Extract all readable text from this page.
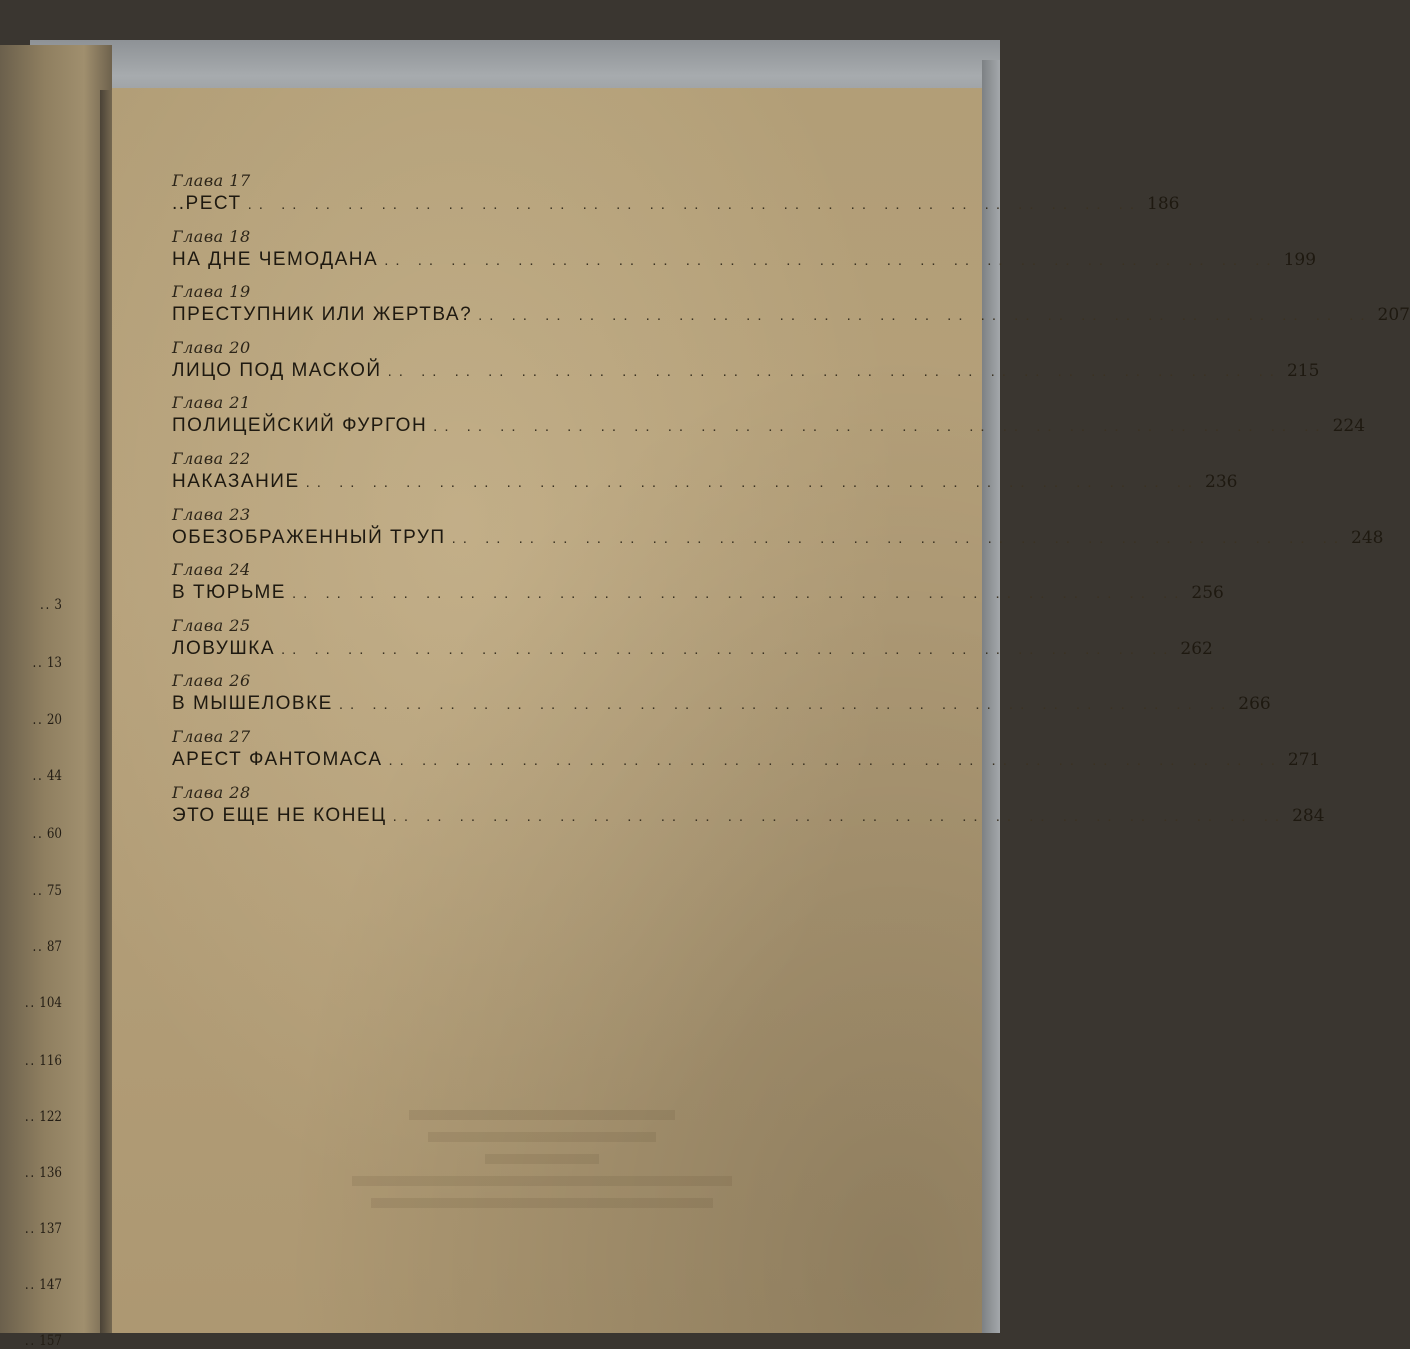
.. 3
.. 13
.. 20
.. 44
.. 60
.. 75
.. 87
.. 104
.. 116
.. 122
.. 136
.. 137
.. 147
.. 157
Глава 17
..РЕСТ .. .. .. .. .. .. .. .. .. .. .. .. .. .. .. .. .. .. .. .. .. .. .. .. .. .. .. 186
Глава 18
НА ДНЕ ЧЕМОДАНА .. .. .. .. .. .. .. .. .. .. .. .. .. .. .. .. .. .. .. .. .. .. .. .. .. .. .. 199
Глава 19
ПРЕСТУПНИК ИЛИ ЖЕРТВА? .. .. .. .. .. .. .. .. .. .. .. .. .. .. .. .. .. .. .. .. .. .. .. .. .. .. .. 207
Глава 20
ЛИЦО ПОД МАСКОЙ .. .. .. .. .. .. .. .. .. .. .. .. .. .. .. .. .. .. .. .. .. .. .. .. .. .. .. 215
Глава 21
ПОЛИЦЕЙСКИЙ ФУРГОН .. .. .. .. .. .. .. .. .. .. .. .. .. .. .. .. .. .. .. .. .. .. .. .. .. .. .. 224
Глава 22
НАКАЗАНИЕ .. .. .. .. .. .. .. .. .. .. .. .. .. .. .. .. .. .. .. .. .. .. .. .. .. .. .. 236
Глава 23
ОБЕЗОБРАЖЕННЫЙ ТРУП .. .. .. .. .. .. .. .. .. .. .. .. .. .. .. .. .. .. .. .. .. .. .. .. .. .. .. 248
Глава 24
В ТЮРЬМЕ .. .. .. .. .. .. .. .. .. .. .. .. .. .. .. .. .. .. .. .. .. .. .. .. .. .. .. 256
Глава 25
ЛОВУШКА .. .. .. .. .. .. .. .. .. .. .. .. .. .. .. .. .. .. .. .. .. .. .. .. .. .. .. 262
Глава 26
В МЫШЕЛОВКЕ .. .. .. .. .. .. .. .. .. .. .. .. .. .. .. .. .. .. .. .. .. .. .. .. .. .. .. 266
Глава 27
АРЕСТ ФАНТОМАСА .. .. .. .. .. .. .. .. .. .. .. .. .. .. .. .. .. .. .. .. .. .. .. .. .. .. .. 271
Глава 28
ЭТО ЕЩЕ НЕ КОНЕЦ .. .. .. .. .. .. .. .. .. .. .. .. .. .. .. .. .. .. .. .. .. .. .. .. .. .. .. 284
